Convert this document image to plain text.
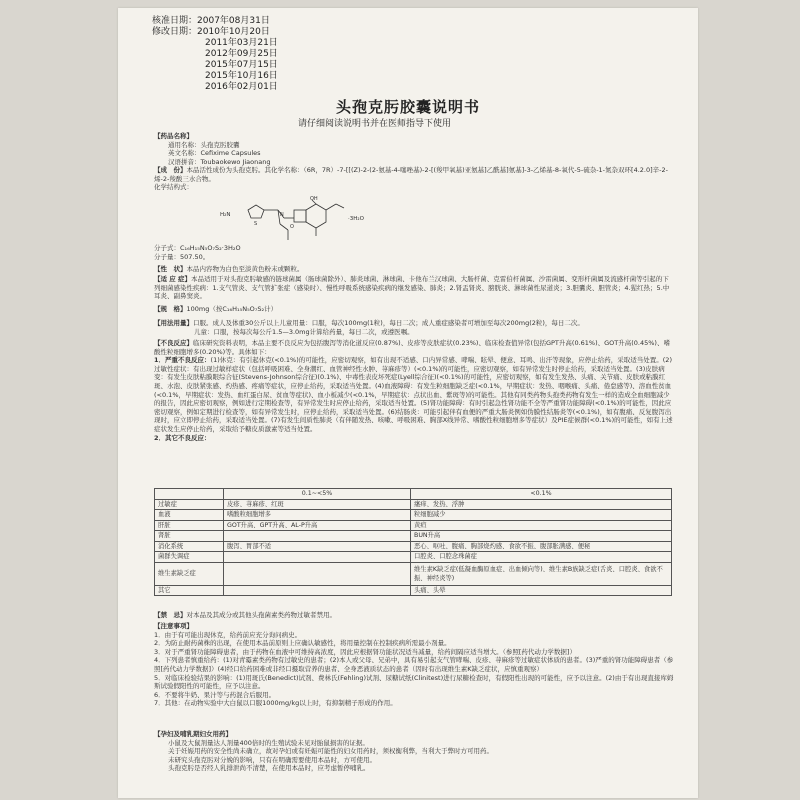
核准日期：2007年08月31日
修改日期：2010年10月20日
2011年03月21日
2012年09月25日
2015年07月15日
2015年10月16日
2016年02月01日
头孢克肟胶囊说明书
请仔细阅读说明书并在医师指导下使用

【药品名称】

通用名称：头孢克肟胶囊

英文名称：Cefixime Capsules

汉语拼音：Toubaokewo Jiaonang

【成　份】本品活性成份为头孢克肟。其化学名称：（6R，7R）-7-[[(Z)-2-(2-氨基-4-噻唑基)-2-[(羧甲氧基)亚氨基]乙酰基]氨基]-3-乙烯基-8-氧代-5-硫杂-1-氮杂双环[4.2.0]辛-2-烯-2-羧酸三水合物。

化学结构式：

H₂N
S
N
O
OH
·3H₂O

分子式：C₁₆H₁₅N₅O₇S₂·3H₂O

分子量：507.50。

【性　状】本品内容物为白色至淡黄色粉末或颗粒。

【适 应 症】本品适用于对头孢克肟敏感的链球菌属（肠球菌除外）、肺炎球菌、淋球菌、卡他布兰汉球菌、大肠杆菌、克雷伯杆菌属、沙雷菌属、变形杆菌属及流感杆菌等引起的下列细菌感染性疾病：1.支气管炎、支气管扩张症（感染时）、慢性呼吸系统感染疾病的继发感染、肺炎；2.肾盂肾炎、膀胱炎、淋球菌性尿道炎；3.胆囊炎、胆管炎；4.猩红热；5.中耳炎、副鼻窦炎。

【规　格】100mg（按C₁₆H₁₅N₅O₇S₂计）

【用法用量】口服。成人及体重30公斤以上儿童用量：口服，每次100mg(1粒)，每日二次；成人重症感染者可增加至每次200mg(2粒)，每日二次。

儿童：口服，按每次每公斤1.5—3.0mg计算给药量，每日二次，或遵医嘱。

【不良反应】临床研究资料表明，本品主要不良反应为包括腹泻等消化道反应(0.87%)、皮疹等皮肤症状(0.23%)、临床检查值异常(包括GPT升高(0.61%)、GOT升高(0.45%)、嗜酸性粒细胞增多(0.20%)等。具体如下：

1．严重不良反应：(1)休克：有引起休克(<0.1%)的可能性，应密切观察，如有出现不适感、口内异常感、哮喘、眩晕、便意、耳鸣、出汗等现象，应停止给药，采取适当处置。(2)过敏性症状：有出现过敏样症状（包括呼吸困难、全身潮红、血管神经性水肿、荨麻疹等）(<0.1%)的可能性，应密切观察，如有异常发生时停止给药，采取适当处置。(3)皮肤病变：有发生皮肤粘膜眼综合征(Stevens-Johnson综合征)(0.1%)、中毒性表皮坏死症(Lyell综合征)(<0.1%)的可能性，应密切观察，如有发生发热、头痛、关节痛、皮肤或粘膜红斑、水泡、皮肤紧张感、灼热感、疼痛等症状，应停止给药，采取适当处置。(4)血液障碍：有发生粒细胞缺乏症(<0.1%，早期症状：发热、咽喉痛、头痛、倦怠感等)、溶血性贫血(<0.1%，早期症状：发热、血红蛋白尿、贫血等症状)、血小板减少(<0.1%，早期症状：点状出血、紫斑等)的可能性。其他有同类药物头孢类药物有发生一样的造成全血细胞减少的报告，因此应密切观察，例如进行定期检查等，有异常发生时应停止给药，采取适当处置。(5)肾功能障碍：有时引起急性肾功能不全等严重肾功能障碍(<0.1%)的可能性，因此应密切观察，例如定期进行检查等，如有异常发生时，应停止给药，采取适当处置。(6)结肠炎：可能引起伴有血便的严重大肠炎例如伪膜性结肠炎等(<0.1%)，如有腹痛、反复腹泻出现时，应立即停止给药，采取适当处置。(7)有发生间质性肺炎（有伴随发热、咳嗽、呼吸困难、胸部X线异常、嗜酸性粒细胞增多等症状）及PIE症候群(<0.1%)的可能性，如有上述症状发生应停止给药，采取给予糖皮质激素等适当处置。

2．其它不良反应：

	0.1~<5%	<0.1%
过敏症	皮疹、荨麻疹、红斑	瘙痒、发热、浮肿
血液	嗜酸粒细胞增多	粒细胞减少
肝脏	GOT升高、GPT升高、AL-P升高	黄疸
肾脏		BUN升高
消化系统	腹泻、胃部不适	恶心、呕吐、腹痛、胸部烧灼感、食欲不振、腹部胀满感、便秘
菌群失调症		口腔炎、口腔念珠菌症
维生素缺乏症		维生素K缺乏症(低凝血酶原血症、出血倾向等)、维生素B族缺乏症(舌炎、口腔炎、食欲不振、神经炎等)
其它		头痛、头晕

【禁　忌】对本品及其成分或其他头孢菌素类药物过敏者禁用。

【注意事项】

1．由于有可能出现休克，给药前应充分询问病史。

2．为防止耐药菌株的出现，在使用本品前原则上应确认敏感性，将用量控制在控制疾病所需最小剂量。

3．对于严重肾功能障碍患者，由于药物在血液中可维持高浓度，因此应根据肾功能状况适当减量，给药间隔应适当增大。（参照[药代动力学数据]）

4．下列患者慎重给药：(1)对青霉素类药物有过敏史的患者；(2)本人或父母、兄弟中，具有易引起支气管哮喘、皮疹、荨麻疹等过敏症状体质的患者。(3)严重的肾功能障碍患者（参照[药代动力学数据]）(4)经口给药困难或非经口摄取营养的患者、全身恶液质状态的患者（因时有出现维生素K缺乏症状，应慎重观察）

5．对临床检验结果的影响：(1)用斑氏(Benedict)试剂、费林氏(Fehling)试剂、尿糖试纸(Clinitest)进行尿糖检查时，有假阳性出现的可能性，应予以注意。(2)由于有出现直接库姆斯试验假阳性的可能性，应予以注意。

6．不要将牛奶、果汁等与药混合后服用。

7．其他：在动物实验中大白鼠以口服1000mg/kg以上时，有抑制精子形成的作用。

【孕妇及哺乳期妇女用药】

小鼠及大鼠剂量达人剂量400倍时的生殖试验未见对胎鼠损害的证据。

关于妊娠用药的安全性尚未确立，故对孕妇或有妊娠可能性的妇女用药时，须权衡利弊，当利大于弊时方可用药。

未研究头孢克肟对分娩的影响，只有在明确需要使用本品时，方可使用。

头孢克肟是否经人乳排泄尚不清楚，在使用本品时，应考虑暂停哺乳。
